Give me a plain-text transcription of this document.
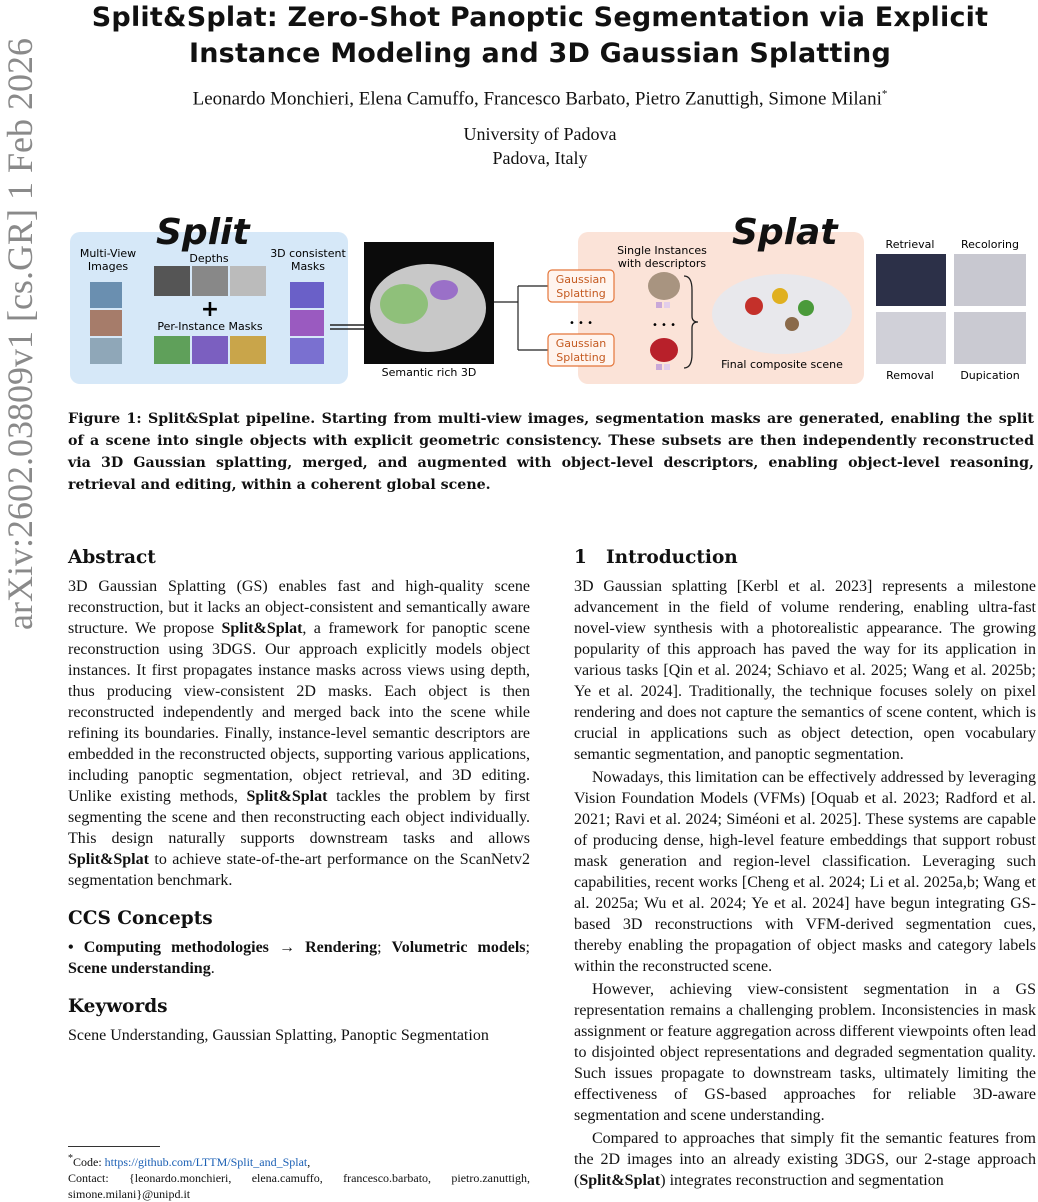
arXiv:2602.03809v1 [cs.GR] 1 Feb 2026
Split&Splat: Zero-Shot Panoptic Segmentation via Explicit
Instance Modeling and 3D Gaussian Splatting
Leonardo Monchieri, Elena Camuffo, Francesco Barbato, Pietro Zanuttigh, Simone Milani*
University of Padova
Padova, Italy
Split
Multi-View
Images
Depths
+
Per-Instance Masks
3D consistent
Masks
Semantic rich 3D
Splat
Gaussian
Splatting
• • •
Gaussian
Splatting
Single Instances
with descriptors
• • •
Final composite scene
Retrieval Recoloring
Removal Dupication
Figure 1: Split&Splat pipeline. Starting from multi-view images, segmentation masks are generated, enabling the split of a scene into single objects with explicit geometric consistency. These subsets are then independently reconstructed via 3D Gaussian splatting, merged, and augmented with object-level descriptors, enabling object-level reasoning, retrieval and editing, within a coherent global scene.
Abstract

3D Gaussian Splatting (GS) enables fast and high-quality scene reconstruction, but it lacks an object-consistent and semantically aware structure. We propose Split&Splat, a framework for panoptic scene reconstruction using 3DGS. Our approach explicitly models object instances. It first propagates instance masks across views using depth, thus producing view-consistent 2D masks. Each object is then reconstructed independently and merged back into the scene while refining its boundaries. Finally, instance-level semantic descriptors are embedded in the reconstructed objects, supporting various applications, including panoptic segmentation, object retrieval, and 3D editing. Unlike existing methods, Split&Splat tackles the problem by first segmenting the scene and then reconstructing each object individually. This design naturally supports downstream tasks and allows Split&Splat to achieve state-of-the-art performance on the ScanNetv2 segmentation benchmark.

CCS Concepts

• Computing methodologies → Rendering; Volumetric models; Scene understanding.

Keywords

Scene Understanding, Gaussian Splatting, Panoptic Segmentation

*Code: https://github.com/LTTM/Split_and_Splat,
Contact: {leonardo.monchieri, elena.camuffo, francesco.barbato, pietro.zanuttigh, simone.milani}@unipd.it
1 Introduction

3D Gaussian splatting [Kerbl et al. 2023] represents a milestone advancement in the field of volume rendering, enabling ultra-fast novel-view synthesis with a photorealistic appearance. The growing popularity of this approach has paved the way for its application in various tasks [Qin et al. 2024; Schiavo et al. 2025; Wang et al. 2025b; Ye et al. 2024]. Traditionally, the technique focuses solely on pixel rendering and does not capture the semantics of scene content, which is crucial in applications such as object detection, open vocabulary semantic segmentation, and panoptic segmentation.

Nowadays, this limitation can be effectively addressed by leveraging Vision Foundation Models (VFMs) [Oquab et al. 2023; Radford et al. 2021; Ravi et al. 2024; Siméoni et al. 2025]. These systems are capable of producing dense, high-level feature embeddings that support robust mask generation and region-level classification. Leveraging such capabilities, recent works [Cheng et al. 2024; Li et al. 2025a,b; Wang et al. 2025a; Wu et al. 2024; Ye et al. 2024] have begun integrating GS-based 3D reconstructions with VFM-derived segmentation cues, thereby enabling the propagation of object masks and category labels within the reconstructed scene.

However, achieving view-consistent segmentation in a GS representation remains a challenging problem. Inconsistencies in mask assignment or feature aggregation across different viewpoints often lead to disjointed object representations and degraded segmentation quality. Such issues propagate to downstream tasks, ultimately limiting the effectiveness of GS-based approaches for reliable 3D-aware segmentation and scene understanding.

Compared to approaches that simply fit the semantic features from the 2D images into an already existing 3DGS, our 2-stage approach (Split&Splat) integrates reconstruction and segmentation
